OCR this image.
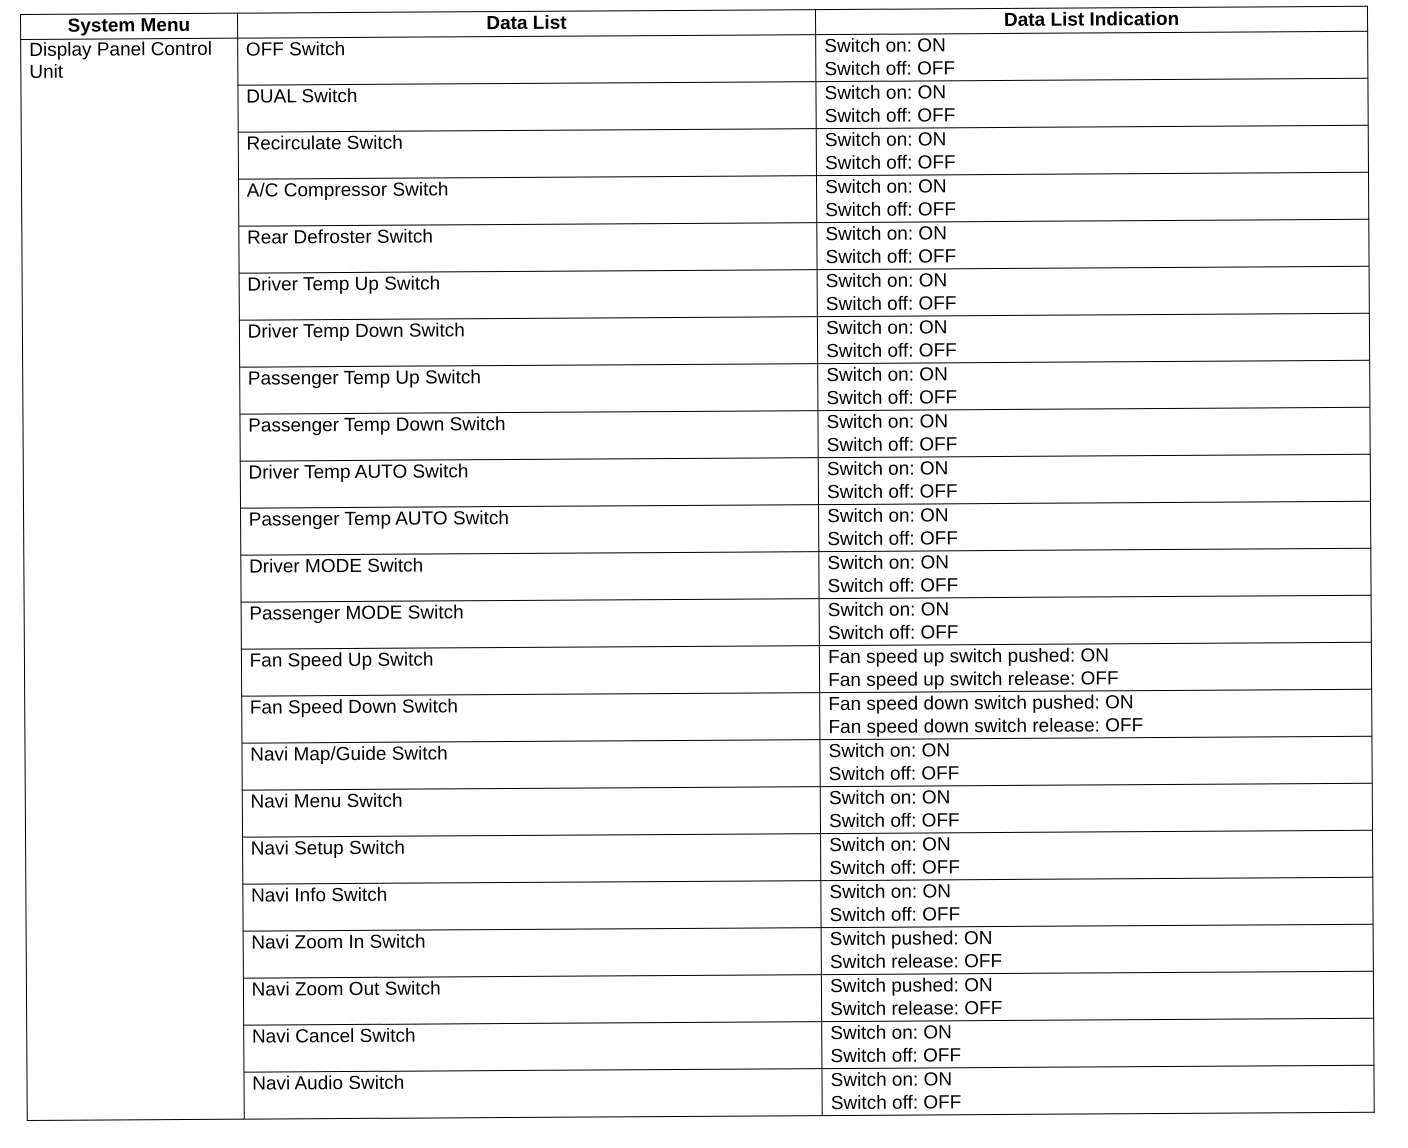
System Menu	Data List	Data List Indication
Display Panel Control Unit	OFF Switch	Switch on: ON
Switch off: OFF

	DUAL Switch	Switch on: ON
Switch off: OFF

	Recirculate Switch	Switch on: ON
Switch off: OFF

	A/C Compressor Switch	Switch on: ON
Switch off: OFF

	Rear Defroster Switch	Switch on: ON
Switch off: OFF

	Driver Temp Up Switch	Switch on: ON
Switch off: OFF

	Driver Temp Down Switch	Switch on: ON
Switch off: OFF

	Passenger Temp Up Switch	Switch on: ON
Switch off: OFF

	Passenger Temp Down Switch	Switch on: ON
Switch off: OFF

	Driver Temp AUTO Switch	Switch on: ON
Switch off: OFF

	Passenger Temp AUTO Switch	Switch on: ON
Switch off: OFF

	Driver MODE Switch	Switch on: ON
Switch off: OFF

	Passenger MODE Switch	Switch on: ON
Switch off: OFF

	Fan Speed Up Switch	Fan speed up switch pushed: ON
Fan speed up switch release: OFF

	Fan Speed Down Switch	Fan speed down switch pushed: ON
Fan speed down switch release: OFF

	Navi Map/Guide Switch	Switch on: ON
Switch off: OFF

	Navi Menu Switch	Switch on: ON
Switch off: OFF

	Navi Setup Switch	Switch on: ON
Switch off: OFF

	Navi Info Switch	Switch on: ON
Switch off: OFF

	Navi Zoom In Switch	Switch pushed: ON
Switch release: OFF

	Navi Zoom Out Switch	Switch pushed: ON
Switch release: OFF

	Navi Cancel Switch	Switch on: ON
Switch off: OFF

	Navi Audio Switch	Switch on: ON
Switch off: OFF
